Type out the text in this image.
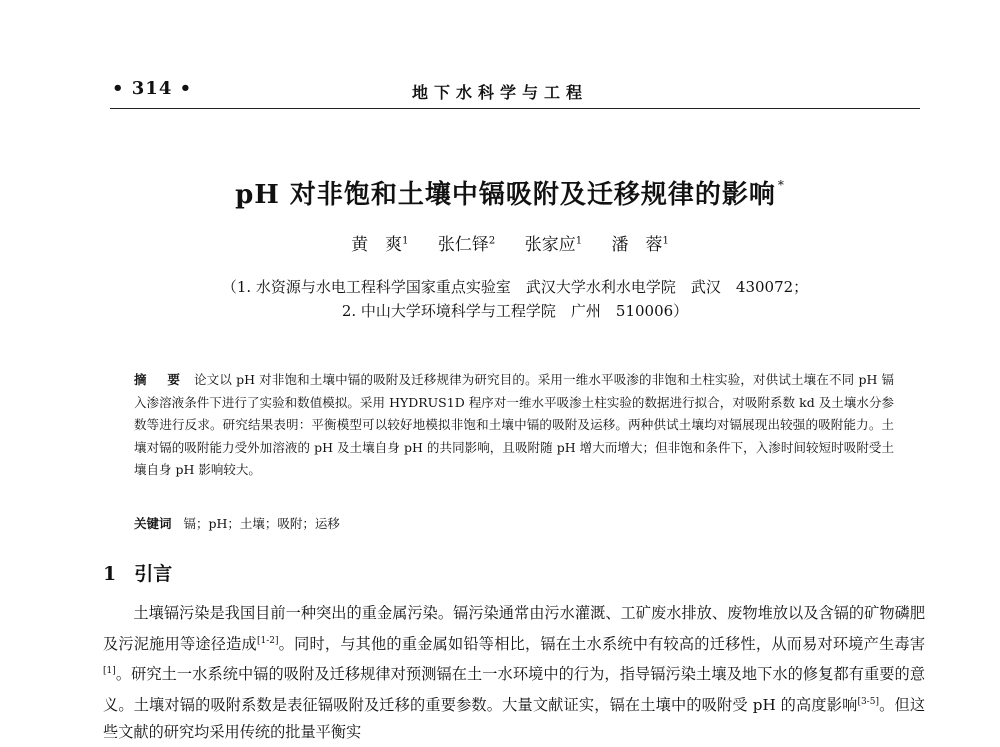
• 314 •	地下水科学与工程
pH 对非饱和土壤中镉吸附及迁移规律的影响 *
黄　爽$^1$ 张仁铎$^2$ 张家应$^1$ 潘　蓉$^1$
（1. 水资源与水电工程科学国家重点实验室　武汉大学水利水电学院　武汉　430072；
2. 中山大学环境科学与工程学院　广州　510006）
摘　要 论文以 pH 对非饱和土壤中镉的吸附及迁移规律为研究目的。采用一维水平吸渗的非饱和土柱实验，对供试土壤在不同 pH 镉入渗溶液条件下进行了实验和数值模拟。采用 HYDRUS1D 程序对一维水平吸渗土柱实验的数据进行拟合，对吸附系数 kd 及土壤水分参数等进行反求。研究结果表明：平衡模型可以较好地模拟非饱和土壤中镉的吸附及运移。两种供试土壤均对镉展现出较强的吸附能力。土壤对镉的吸附能力受外加溶液的 pH 及土壤自身 pH 的共同影响，且吸附随 pH 增大而增大；但非饱和条件下，入渗时间较短时吸附受土壤自身 pH 影响较大。
关键词 镉；pH；土壤；吸附；运移
1 引言

土壤镉污染是我国目前一种突出的重金属污染。镉污染通常由污水灌溉、工矿废水排放、废物堆放以及含镉的矿物磷肥及污泥施用等途径造成[1-2]。同时，与其他的重金属如铅等相比，镉在土水系统中有较高的迁移性，从而易对环境产生毒害[1]。研究土一水系统中镉的吸附及迁移规律对预测镉在土一水环境中的行为，指导镉污染土壤及地下水的修复都有重要的意义。土壤对镉的吸附系数是表征镉吸附及迁移的重要参数。大量文献证实，镉在土壤中的吸附受 pH 的高度影响[3-5]。但这些文献的研究均采用传统的批量平衡实
